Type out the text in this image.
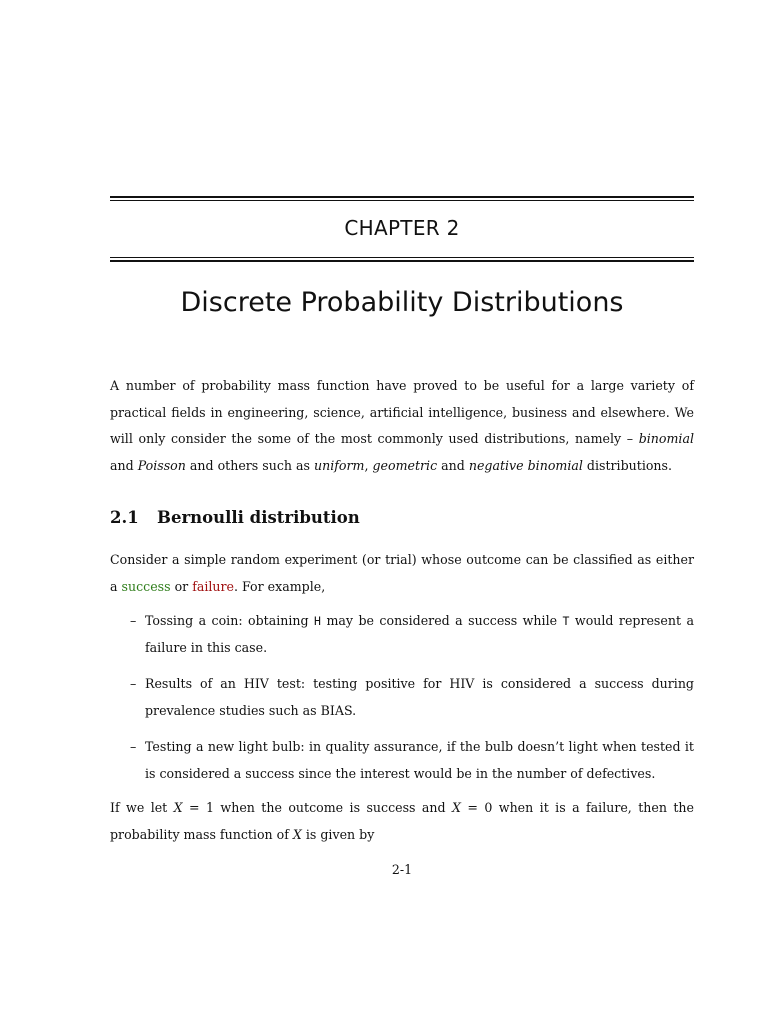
CHAPTER 2
Discrete Probability Distributions

A number of probability mass function have proved to be useful for a large variety of practical fields in engineering, science, artificial intelligence, business and elsewhere. We will only consider the some of the most commonly used distributions, namely – binomial and Poisson and others such as uniform, geometric and negative binomial distributions.

2.1 Bernoulli distribution

Consider a simple random experiment (or trial) whose outcome can be classified as either a success or failure. For example,

– Tossing a coin: obtaining H may be considered a success while T would represent a failure in this case.
– Results of an HIV test: testing positive for HIV is considered a success during prevalence studies such as BIAS.
– Testing a new light bulb: in quality assurance, if the bulb doesn’t light when tested it is considered a success since the interest would be in the number of defectives.

If we let X = 1 when the outcome is success and X = 0 when it is a failure, then the probability mass function of X is given by

2-1
